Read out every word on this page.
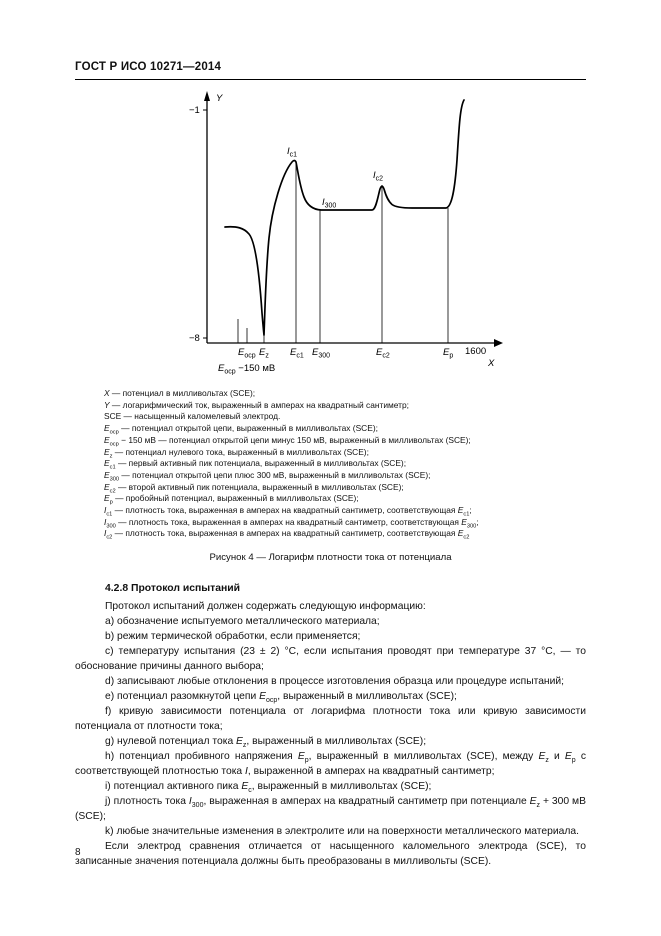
ГОСТ Р ИСО 10271—2014
Y
−1
−8
1600
X
$E_{ocp}$ $E_z$ $E_{c1}$ $E_{300}$	$E_{c2}$	$E_p$
$E_{ocp} -150$ мВ
$I_{c1}$
$I_{300}$
$I_{c2}$
X — потенциал в милливольтах (SCE);
Y — логарифмический ток, выраженный в амперах на квадратный сантиметр;
SCE — насыщенный каломелевый электрод.
$E_{ocp}$ — потенциал открытой цепи, выраженный в милливольтах (SCE);
$E_{ocp} - 150$ мВ — потенциал открытой цепи минус 150 мВ, выраженный в милливольтах (SCE);
$E_z$ — потенциал нулевого тока, выраженный в милливольтах (SCE);
$E_{c1}$ — первый активный пик потенциала, выраженный в милливольтах (SCE);
$E_{300}$ — потенциал открытой цепи плюс 300 мВ, выраженный в милливольтах (SCE);
$E_{c2}$ — второй активный пик потенциала, выраженный в милливольтах (SCE);
$E_p$ — пробойный потенциал, выраженный в милливольтах (SCE);
$I_{c1}$ — плотность тока, выраженная в амперах на квадратный сантиметр, соответствующая $E_{c1}$;
$I_{300}$ — плотность тока, выраженная в амперах на квадратный сантиметр, соответствующая $E_{300}$;
$I_{c2}$ — плотность тока, выраженная в амперах на квадратный сантиметр, соответствующая $E_{c2}$
Рисунок 4 — Логарифм плотности тока от потенциала

4.2.8 Протокол испытаний

Протокол испытаний должен содержать следующую информацию:

a) обозначение испытуемого металлического материала;
b) режим термической обработки, если применяется;
c) температуру испытания (23 ± 2) °С, если испытания проводят при температуре 37 °С, — то обоснование причины данного выбора;
d) записывают любые отклонения в процессе изготовления образца или процедуре испытаний;
e) потенциал разомкнутой цепи $E_{ocp}$, выраженный в милливольтах (SCE);
f) кривую зависимости потенциала от логарифма плотности тока или кривую зависимости потенциала от плотности тока;
g) нулевой потенциал тока $E_z$, выраженный в милливольтах (SCE);
h) потенциал пробивного напряжения $E_p$, выраженный в милливольтах (SCE), между $E_z$ и $E_p$ с соответствующей плотностью тока I, выраженной в амперах на квадратный сантиметр;
i) потенциал активного пика $E_c$, выраженный в милливольтах (SCE);
j) плотность тока $I_{300}$, выраженная в амперах на квадратный сантиметр при потенциале $E_z + 300$ мВ (SCE);
k) любые значительные изменения в электролите или на поверхности металлического материала.

Если электрод сравнения отличается от насыщенного каломельного электрода (SCE), то записанные значения потенциала должны быть преобразованы в милливольты (SCE).

8
